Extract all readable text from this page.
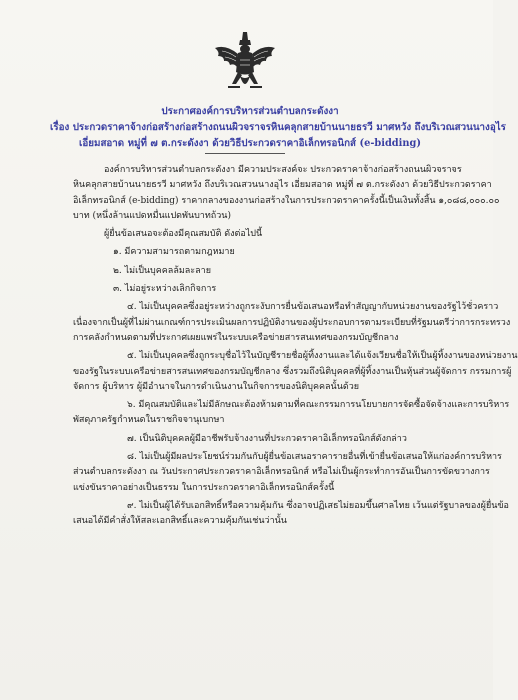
ประกาศองค์การบริหารส่วนตำบลกระดังงา
เรื่อง ประกวดราคาจ้างก่อสร้างก่อสร้างถนนผิวจราจรหินคลุกสายบ้านนายธรวี มาศหวัง ถึงบริเวณสวนนางอุไร
เอี่ยมสอาด หมู่ที่ ๗ ต.กระดังงา ด้วยวิธีประกวดราคาอิเล็กทรอนิกส์ (e-bidding)
องค์การบริหารส่วนตำบลกระดังงา มีความประสงค์จะ ประกวดราคาจ้างก่อสร้างถนนผิวจราจร
หินคลุกสายบ้านนายธรวี มาศหวัง ถึงบริเวณสวนนางอุไร เอี่ยมสอาด หมู่ที่ ๗ ต.กระดังงา ด้วยวิธีประกวดราคา
อิเล็กทรอนิกส์ (e-bidding) ราคากลางของงานก่อสร้างในการประกวดราคาครั้งนี้เป็นเงินทั้งสิ้น ๑,๐๘๘,๐๐๐.๐๐
บาท (หนึ่งล้านแปดหมื่นแปดพันบาทถ้วน)
ผู้ยื่นข้อเสนอจะต้องมีคุณสมบัติ ดังต่อไปนี้
๑. มีความสามารถตามกฎหมาย
๒. ไม่เป็นบุคคลล้มละลาย
๓. ไม่อยู่ระหว่างเลิกกิจการ
๔. ไม่เป็นบุคคลซึ่งอยู่ระหว่างถูกระงับการยื่นข้อเสนอหรือทำสัญญากับหน่วยงานของรัฐไว้ชั่วคราว
เนื่องจากเป็นผู้ที่ไม่ผ่านเกณฑ์การประเมินผลการปฏิบัติงานของผู้ประกอบการตามระเบียบที่รัฐมนตรีว่าการกระทรวง
การคลังกำหนดตามที่ประกาศเผยแพร่ในระบบเครือข่ายสารสนเทศของกรมบัญชีกลาง
๕. ไม่เป็นบุคคลซึ่งถูกระบุชื่อไว้ในบัญชีรายชื่อผู้ทิ้งงานและได้แจ้งเวียนชื่อให้เป็นผู้ทิ้งงานของหน่วยงาน
ของรัฐในระบบเครือข่ายสารสนเทศของกรมบัญชีกลาง ซึ่งรวมถึงนิติบุคคลที่ผู้ทิ้งงานเป็นหุ้นส่วนผู้จัดการ กรรมการผู้
จัดการ ผู้บริหาร ผู้มีอำนาจในการดำเนินงานในกิจการของนิติบุคคลนั้นด้วย
๖. มีคุณสมบัติและไม่มีลักษณะต้องห้ามตามที่คณะกรรมการนโยบายการจัดซื้อจัดจ้างและการบริหาร
พัสดุภาครัฐกำหนดในราชกิจจานุเบกษา
๗. เป็นนิติบุคคลผู้มีอาชีพรับจ้างงานที่ประกวดราคาอิเล็กทรอนิกส์ดังกล่าว
๘. ไม่เป็นผู้มีผลประโยชน์ร่วมกันกับผู้ยื่นข้อเสนอราคารายอื่นที่เข้ายื่นข้อเสนอให้แก่องค์การบริหาร
ส่วนตำบลกระดังงา ณ วันประกาศประกวดราคาอิเล็กทรอนิกส์ หรือไม่เป็นผู้กระทำการอันเป็นการขัดขวางการ
แข่งขันราคาอย่างเป็นธรรม ในการประกวดราคาอิเล็กทรอนิกส์ครั้งนี้
๙. ไม่เป็นผู้ได้รับเอกสิทธิ์หรือความคุ้มกัน ซึ่งอาจปฏิเสธไม่ยอมขึ้นศาลไทย เว้นแต่รัฐบาลของผู้ยื่นข้อ
เสนอได้มีคำสั่งให้สละเอกสิทธิ์และความคุ้มกันเช่นว่านั้น
